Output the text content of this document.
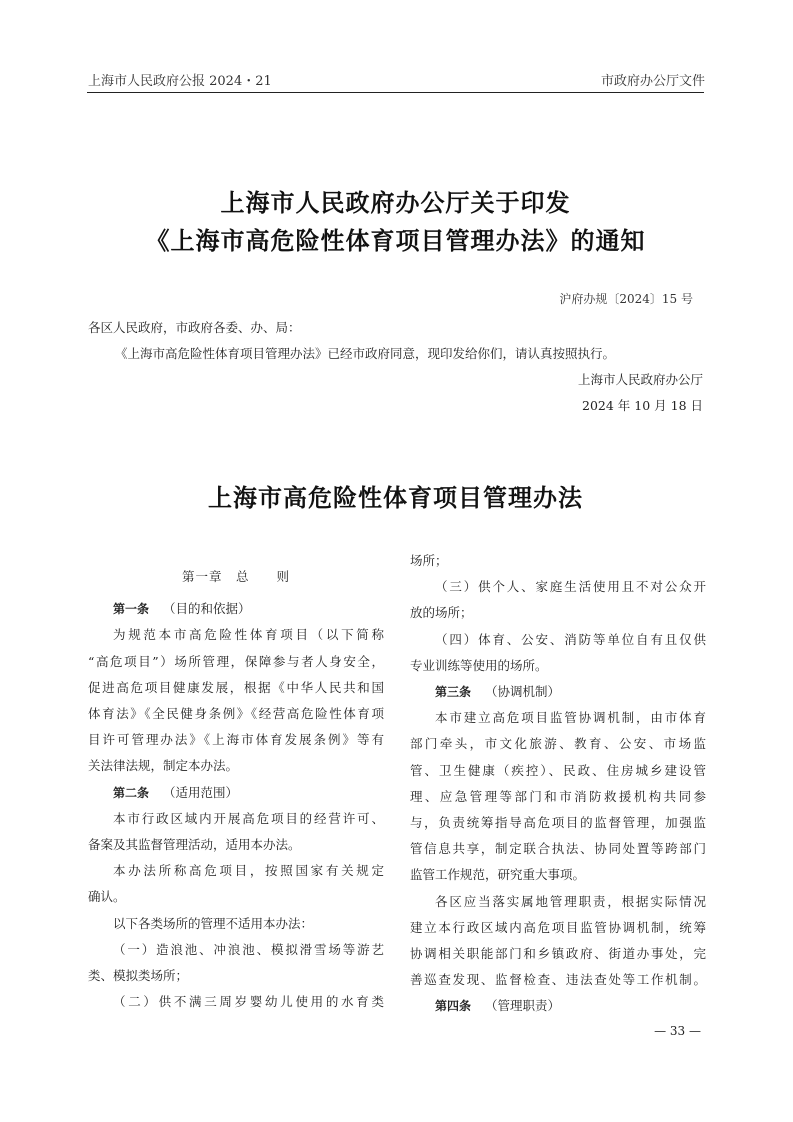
上海市人民政府公报 2024・21	市政府办公厅文件
上海市人民政府办公厅关于印发
《上海市高危险性体育项目管理办法》的通知
沪府办规〔2024〕15 号
各区人民政府，市政府各委、办、局：
《上海市高危险性体育项目管理办法》已经市政府同意，现印发给你们，请认真按照执行。
上海市人民政府办公厅
2024 年 10 月 18 日
上海市高危险性体育项目管理办法

第一章　总　　则

第一条 （目的和依据）

为规范本市高危险性体育项目（以下简称

“高危项目”）场所管理，保障参与者人身安全，

促进高危项目健康发展，根据《中华人民共和国

体育法》《全民健身条例》《经营高危险性体育项

目许可管理办法》《上海市体育发展条例》等有

关法律法规，制定本办法。

第二条 （适用范围）

本市行政区域内开展高危项目的经营许可、

备案及其监督管理活动，适用本办法。

本办法所称高危项目，按照国家有关规定

确认。

以下各类场所的管理不适用本办法：

（一）造浪池、冲浪池、模拟滑雪场等游艺

类、模拟类场所；

（二）供不满三周岁婴幼儿使用的水育类

场所；

（三）供个人、家庭生活使用且不对公众开

放的场所；

（四）体育、公安、消防等单位自有且仅供

专业训练等使用的场所。

第三条 （协调机制）

本市建立高危项目监管协调机制，由市体育

部门牵头，市文化旅游、教育、公安、市场监

管、卫生健康（疾控）、民政、住房城乡建设管

理、应急管理等部门和市消防救援机构共同参

与，负责统筹指导高危项目的监督管理，加强监

管信息共享，制定联合执法、协同处置等跨部门

监管工作规范，研究重大事项。

各区应当落实属地管理职责，根据实际情况

建立本行政区域内高危项目监管协调机制，统筹

协调相关职能部门和乡镇政府、街道办事处，完

善巡查发现、监督检查、违法查处等工作机制。

第四条 （管理职责）

— 33 —
